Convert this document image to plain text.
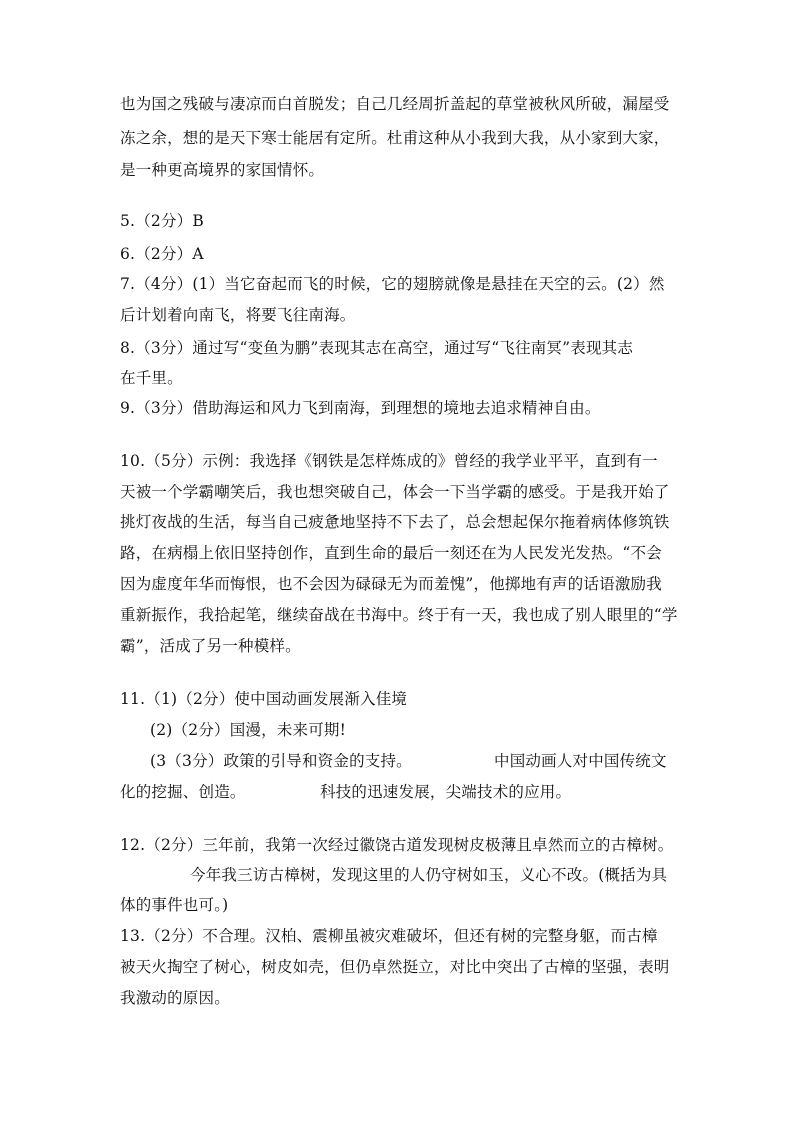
也为国之残破与凄凉而白首脱发；自己几经周折盖起的草堂被秋风所破，漏屋受
冻之余，想的是天下寒士能居有定所。杜甫这种从小我到大我，从小家到大家，
是一种更高境界的家国情怀。
5.（2分）B
6.（2分）A
7.（4分）(1）当它奋起而飞的时候，它的翅膀就像是悬挂在天空的云。(2）然
后计划着向南飞，将要飞往南海。
8.（3分）通过写“变鱼为鹏”表现其志在高空，通过写“飞往南冥”表现其志
在千里。
9.（3分）借助海运和风力飞到南海，到理想的境地去追求精神自由。
10.（5分）示例：我选择《钢铁是怎样炼成的》曾经的我学业平平，直到有一
天被一个学霸嘲笑后，我也想突破自己，体会一下当学霸的感受。于是我开始了
挑灯夜战的生活，每当自己疲惫地坚持不下去了，总会想起保尔拖着病体修筑铁
路，在病榻上依旧坚持创作，直到生命的最后一刻还在为人民发光发热。“不会
因为虚度年华而悔恨，也不会因为碌碌无为而羞愧”，他掷地有声的话语激励我
重新振作，我拾起笔，继续奋战在书海中。终于有一天，我也成了别人眼里的“学
霸”，活成了另一种模样。
11.（1)（2分）使中国动画发展渐入佳境
(2)（2分）国漫，未来可期!
(3（3分）政策的引导和资金的支持。	中国动画人对中国传统文
化的挖掘、创造。	科技的迅速发展，尖端技术的应用。
12.（2分）三年前，我第一次经过徽饶古道发现树皮极薄且卓然而立的古樟树。
今年我三访古樟树，发现这里的人仍守树如玉，义心不改。(概括为具
体的事件也可。)
13.（2分）不合理。汉柏、震柳虽被灾难破坏，但还有树的完整身躯，而古樟
被天火掏空了树心，树皮如壳，但仍卓然挺立，对比中突出了古樟的坚强，表明
我激动的原因。
